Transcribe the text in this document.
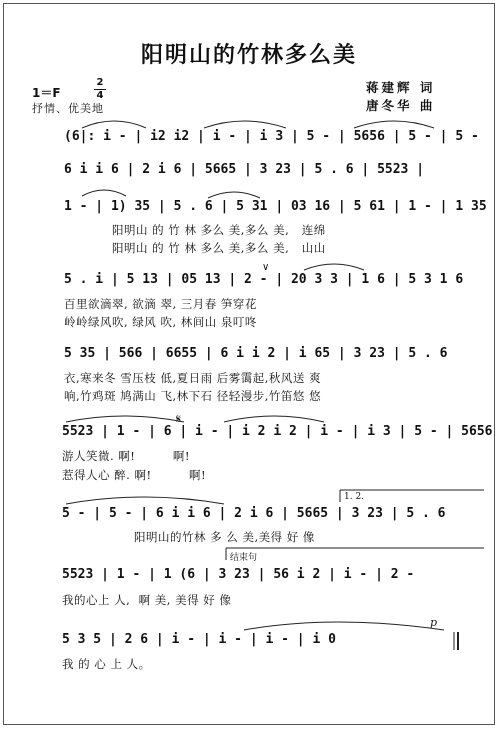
阳明山的竹林多么美
蒋建辉 词
唐冬华 曲
1＝F
2
4
抒情、优美地
(6|: i - | i2 i2 | i - | i 3 | 5 - | 5656 | 5 - | 5 -
6 i i 6 | 2 i 6 | 5665 | 3 23 | 5 . 6 | 5523 |
1 - | 1) 35 | 5 . 6 | 5 31 | 03 16 | 5 61 | 1 - | 1 35
阳明山 的 竹 林 多么 美,多么 美,   连绵
阳明山 的 竹 林 多么 美,多么 美,   山山
5 . i | 5 13 | 05 13 | 2 - | 20 3 3 | 1 6 | 5 3 1 6
百里欲滴翠, 欲滴 翠, 三月春 笋穿花
岭岭绿风吹, 绿风 吹, 林间山 泉叮咚
5 35 | 566 | 6655 | 6 i i 2 | i 65 | 3 23 | 5 . 6
衣,寒来冬 雪压枝 低,夏日雨 后雾霭起,秋风送 爽
响,竹鸡斑 鸠满山 飞,林下石 径轻漫步,竹笛悠 悠
5523 | 1 - | 6 | i - | i 2 i 2 | i - | i 3 | 5 - | 5656
游人笑微. 啊!         啊!
惹得人心 醉. 啊!         啊!
5 - | 5 - | 6 i i 6 | 2 i 6 | 5665 | 3 23 | 5 . 6
阳明山的竹林 多 么 美,美得 好 像
5523 | 1 - | 1 (6 | 3 23 | 56 i 2 | i - | 2 -
我的心上 人,  啊 美, 美得 好 像
5 3 5 | 2 6 | i - | i - | i - | i 0
我 的 心 上 人。
𝄋
1. 2.
结束句
p
∨
